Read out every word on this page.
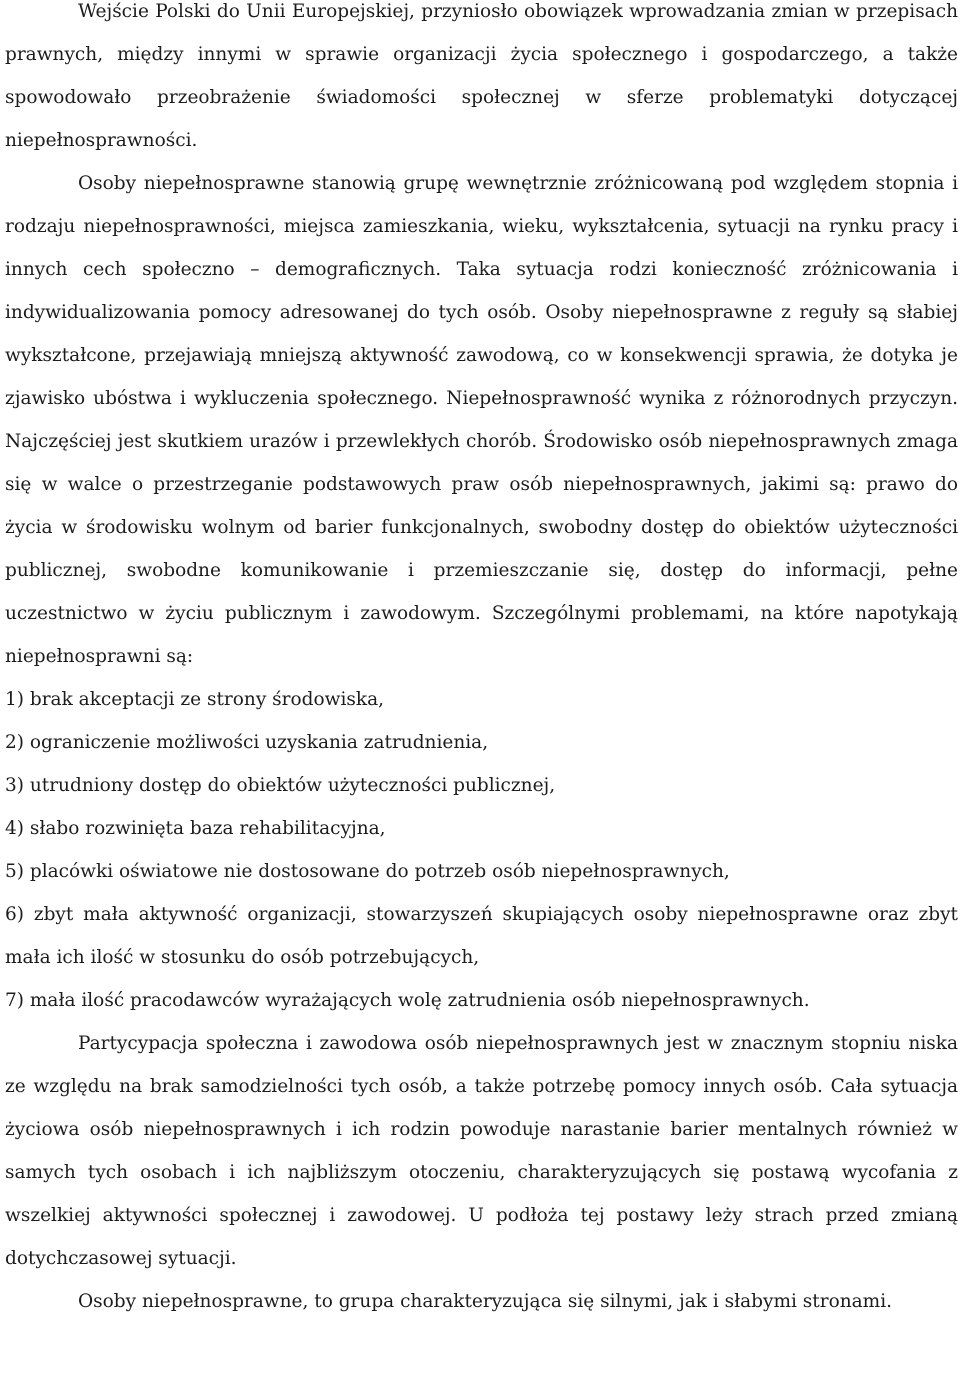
Wejście Polski do Unii Europejskiej, przyniosło obowiązek wprowadzania zmian w przepisach prawnych, między innymi w sprawie organizacji życia społecznego i gospodarczego, a także spowodowało przeobrażenie świadomości społecznej w sferze problematyki dotyczącej niepełnosprawności.

Osoby niepełnosprawne stanowią grupę wewnętrznie zróżnicowaną pod względem stopnia i rodzaju niepełnosprawności, miejsca zamieszkania, wieku, wykształcenia, sytuacji na rynku pracy i innych cech społeczno – demograficznych. Taka sytuacja rodzi konieczność zróżnicowania i indywidualizowania pomocy adresowanej do tych osób. Osoby niepełnosprawne z reguły są słabiej wykształcone, przejawiają mniejszą aktywność zawodową, co w konsekwencji sprawia, że dotyka je zjawisko ubóstwa i wykluczenia społecznego. Niepełnosprawność wynika z różnorodnych przyczyn. Najczęściej jest skutkiem urazów i przewlekłych chorób. Środowisko osób niepełnosprawnych zmaga się w walce o przestrzeganie podstawowych praw osób niepełnosprawnych, jakimi są: prawo do życia w środowisku wolnym od barier funkcjonalnych, swobodny dostęp do obiektów użyteczności publicznej, swobodne komunikowanie i przemieszczanie się, dostęp do informacji, pełne uczestnictwo w życiu publicznym i zawodowym. Szczególnymi problemami, na które napotykają niepełnosprawni są:

1) brak akceptacji ze strony środowiska,
2) ograniczenie możliwości uzyskania zatrudnienia,
3) utrudniony dostęp do obiektów użyteczności publicznej,
4) słabo rozwinięta baza rehabilitacyjna,
5) placówki oświatowe nie dostosowane do potrzeb osób niepełnosprawnych,
6) zbyt mała aktywność organizacji, stowarzyszeń skupiających osoby niepełnosprawne oraz zbyt mała ich ilość w stosunku do osób potrzebujących,
7) mała ilość pracodawców wyrażających wolę zatrudnienia osób niepełnosprawnych.

Partycypacja społeczna i zawodowa osób niepełnosprawnych jest w znacznym stopniu niska ze względu na brak samodzielności tych osób, a także potrzebę pomocy innych osób. Cała sytuacja życiowa osób niepełnosprawnych i ich rodzin powoduje narastanie barier mentalnych również w samych tych osobach i ich najbliższym otoczeniu, charakteryzujących się postawą wycofania z wszelkiej aktywności społecznej i zawodowej. U podłoża tej postawy leży strach przed zmianą dotychczasowej sytuacji.

Osoby niepełnosprawne, to grupa charakteryzująca się silnymi, jak i słabymi stronami.
